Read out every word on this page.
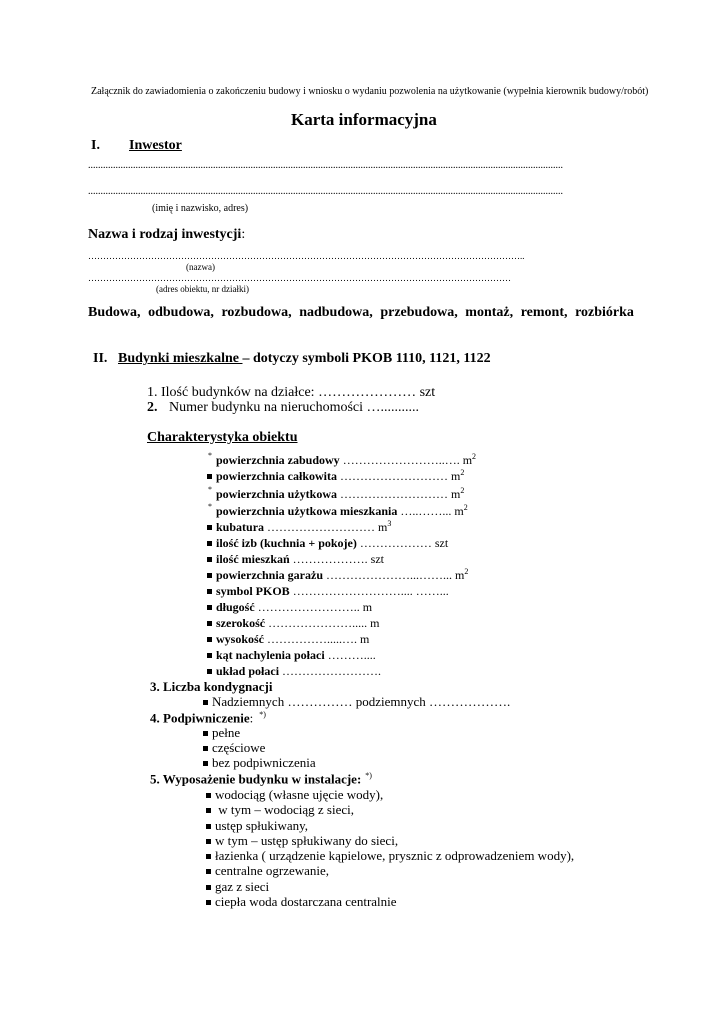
Załącznik do zawiadomienia o zakończeniu budowy i wniosku o wydaniu pozwolenia na użytkowanie (wypełnia kierownik budowy/robót)
Karta informacyjna
I. Inwestor
..............................................................................................................................................................................................
..............................................................................................................................................................................................
(imię i nazwisko, adres)
Nazwa i rodzaj inwestycji:
………………………………………………………………………………………………………………………………..
(nazwa)
……………………………………………………………………………………………………………………………
(adres obiektu, nr działki)
Budowa, odbudowa, rozbudowa, nadbudowa, przebudowa, montaż, remont, rozbiórka
II. Budynki mieszkalne – dotyczy symboli PKOB 1110, 1121, 1122
1. Ilość budynków na działce: ………………… szt
2. Numer budynku na nieruchomości …...........
Charakterystyka obiektu
* powierzchnia zabudowy ……………………..…. $m^2$
powierzchnia całkowita ……………………… $m^2$
* powierzchnia użytkowa ……………………… $m^2$
* powierzchnia użytkowa mieszkania …..……... $m^2$
kubatura ……………………… $m^3$
ilość izb (kuchnia + pokoje) ……………… szt
ilość mieszkań ………………. szt
powierzchnia garażu …………………...……... $m^2$
symbol PKOB ……………………….... ……...
długość …………………….. m
szerokość …………………..... m
wysokość …………….....…. m
kąt nachylenia połaci ………....
układ połaci …………………….
3. Liczba kondygnacji
Nadziemnych …………… podziemnych ……………….
4. Podpiwniczenie: *)
pełne
częściowe
bez podpiwniczenia
5. Wyposażenie budynku w instalacje: *)
wodociąg (własne ujęcie wody),
w tym – wodociąg z sieci,
ustęp spłukiwany,
w tym – ustęp spłukiwany do sieci,
łazienka ( urządzenie kąpielowe, prysznic z odprowadzeniem wody),
centralne ogrzewanie,
gaz z sieci
ciepła woda dostarczana centralnie
